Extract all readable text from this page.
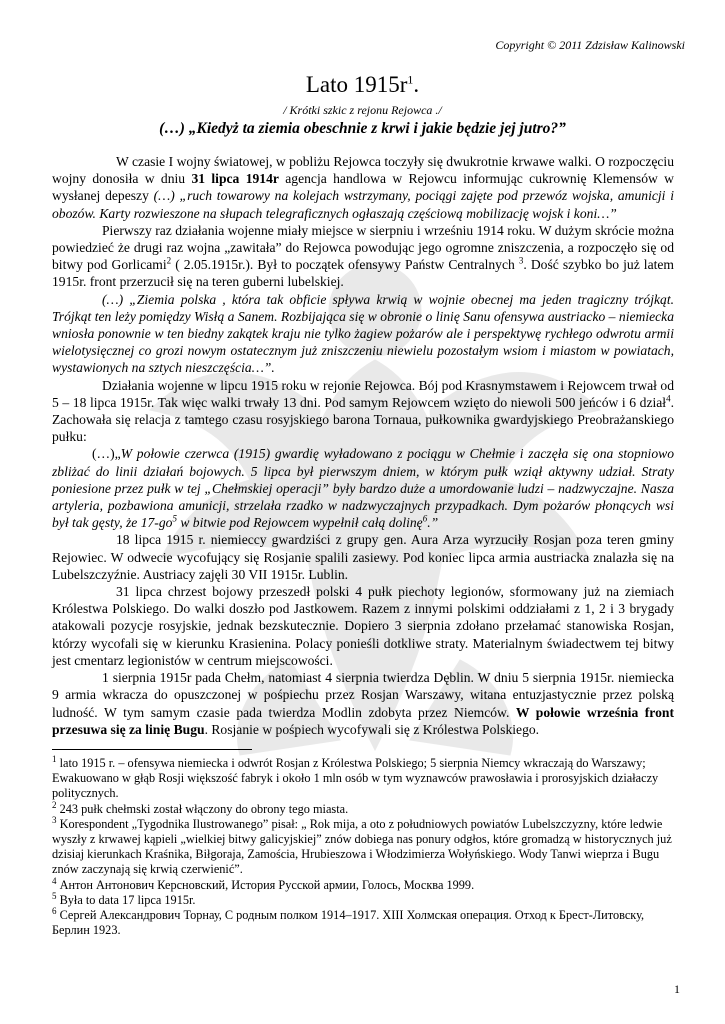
Copyright © 2011 Zdzisław Kalinowski
Lato $1915r^1$.
/ Krótki szkic z rejonu Rejowca ./
(…) „Kiedyż ta ziemia obeschnie z krwi i jakie będzie jej jutro?”

W czasie I wojny światowej, w pobliżu Rejowca toczyły się dwukrotnie krwawe walki. O rozpoczęciu wojny donosiła w dniu 31 lipca 1914r agencja handlowa w Rejowcu informując cukrownię Klemensów w wysłanej depeszy (…) „ruch towarowy na kolejach wstrzymany, pociągi zajęte pod przewóz wojska, amunicji i obozów. Karty rozwieszone na słupach telegraficznych ogłaszają częściową mobilizację wojsk i koni…”

Pierwszy raz działania wojenne miały miejsce w sierpniu i wrześniu 1914 roku. W dużym skrócie można powiedzieć że drugi raz wojna „zawitała” do Rejowca powodując jego ogromne zniszczenia, a rozpoczęło się od bitwy pod Gorlicami$^2$ ( 2.05.1915r.). Był to początek ofensywy Państw Centralnych $^3$. Dość szybko bo już latem 1915r. front przerzucił się na teren guberni lubelskiej.

(…) „Ziemia polska , która tak obficie spływa krwią w wojnie obecnej ma jeden tragiczny trójkąt. Trójkąt ten leży pomiędzy Wisłą a Sanem. Rozbijająca się w obronie o linię Sanu ofensywa austriacko – niemiecka wniosła ponownie w ten biedny zakątek kraju nie tylko żagiew pożarów ale i perspektywę rychłego odwrotu armii wielotysięcznej co grozi nowym ostatecznym już zniszczeniu niewielu pozostałym wsiom i miastom w powiatach, wystawionych na sztych nieszczęścia…”.

Działania wojenne w lipcu 1915 roku w rejonie Rejowca. Bój pod Krasnymstawem i Rejowcem trwał od 5 – 18 lipca 1915r. Tak więc walki trwały 13 dni. Pod samym Rejowcem wzięto do niewoli 500 jeńców i 6 dział$^4$. Zachowała się relacja z tamtego czasu rosyjskiego barona Tornaua, pułkownika gwardyjskiego Preobrażanskiego pułku:

(…)„W połowie czerwca (1915) gwardię wyładowano z pociągu w Chełmie i zaczęła się ona stopniowo zbliżać do linii działań bojowych. 5 lipca był pierwszym dniem, w którym pułk wziął aktywny udział. Straty poniesione przez pułk w tej „Chełmskiej operacji” były bardzo duże a umordowanie ludzi – nadzwyczajne. Nasza artyleria, pozbawiona amunicji, strzelała rzadko w nadzwyczajnych przypadkach. Dym pożarów płonących wsi był tak gęsty, że $17-go^5$ w bitwie pod Rejowcem wypełnił całą dolinę$^6$.”

18 lipca 1915 r. niemieccy gwardziści z grupy gen. Aura Arza wyrzuciły Rosjan poza teren gminy Rejowiec. W odwecie wycofujący się Rosjanie spalili zasiewy. Pod koniec lipca armia austriacka znalazła się na Lubelszczyźnie. Austriacy zajęli 30 VII 1915r. Lublin.

31 lipca chrzest bojowy przeszedł polski 4 pułk piechoty legionów, sformowany już na ziemiach Królestwa Polskiego. Do walki doszło pod Jastkowem. Razem z innymi polskimi oddziałami z 1, 2 i 3 brygady atakowali pozycje rosyjskie, jednak bezskutecznie. Dopiero 3 sierpnia zdołano przełamać stanowiska Rosjan, którzy wycofali się w kierunku Krasienina. Polacy ponieśli dotkliwe straty. Materialnym świadectwem tej bitwy jest cmentarz legionistów w centrum miejscowości.

1 sierpnia 1915r pada Chełm, natomiast 4 sierpnia twierdza Dęblin. W dniu 5 sierpnia 1915r. niemiecka 9 armia wkracza do opuszczonej w pośpiechu przez Rosjan Warszawy, witana entuzjastycznie przez polską ludność. W tym samym czasie pada twierdza Modlin zdobyta przez Niemców. W połowie września front przesuwa się za linię Bugu. Rosjanie w pośpiech wycofywali się z Królestwa Polskiego.

$^1$ lato 1915 r. – ofensywa niemiecka i odwrót Rosjan z Królestwa Polskiego; 5 sierpnia Niemcy wkraczają do Warszawy; Ewakuowano w głąb Rosji większość fabryk i około 1 mln osób w tym wyznawców prawosławia i prorosyjskich działaczy politycznych.

$^2$ 243 pułk chełmski został włączony do obrony tego miasta.

$^3$ Korespondent „Tygodnika Ilustrowanego” pisał: „ Rok mija, a oto z południowych powiatów Lubelszczyzny, które ledwie wyszły z krwawej kąpieli „wielkiej bitwy galicyjskiej” znów dobiega nas ponury odgłos, które gromadzą w historycznych już dzisiaj kierunkach Kraśnika, Biłgoraja, Zamościa, Hrubieszowa i Włodzimierza Wołyńskiego. Wody Tanwi wieprza i Bugu znów zaczynają się krwią czerwienić”.

$^4$ Антон Антонович Керсновский, История Русской армии, Голось, Москва 1999.

$^5$ Była to data 17 lipca 1915r.

$^6$ Сергей Александрович Торнау, С родным полком 1914–1917. XIII Холмская операция. Отход к Брест-Литовску, Берлин 1923.

1
